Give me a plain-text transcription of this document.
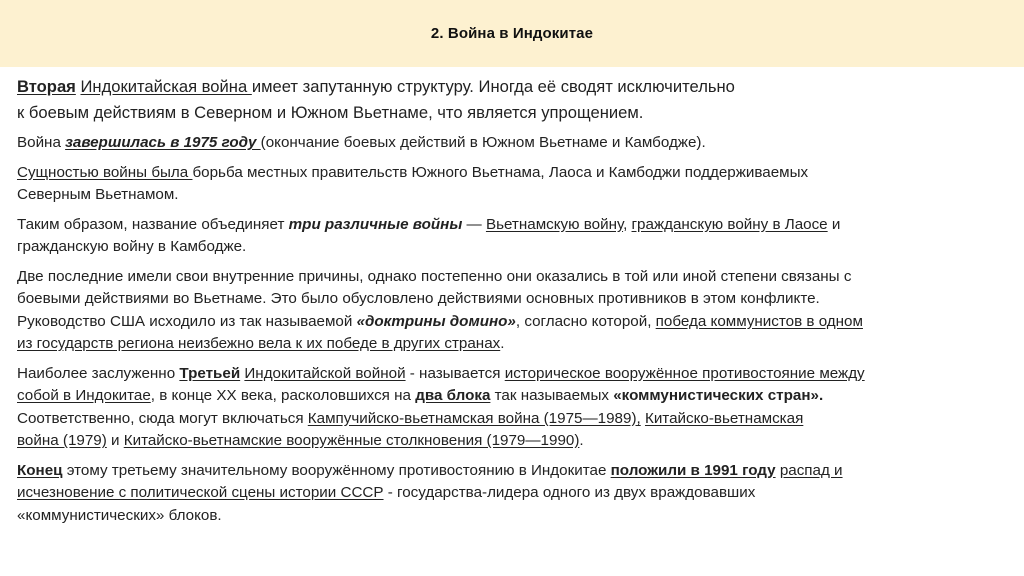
2. Война в Индокитае

Вторая Индокитайская война имеет запутанную структуру. Иногда её сводят исключительно
к боевым действиям в Северном и Южном Вьетнаме, что является упрощением.

Война завершилась в 1975 году (окончание боевых действий в Южном Вьетнаме и Камбодже).

Сущностью войны была борьба местных правительств Южного Вьетнама, Лаоса и Камбоджи поддерживаемых
Северным Вьетнамом.

Таким образом, название объединяет три различные войны — Вьетнамскую войну, гражданскую войну в Лаосе и
гражданскую войну в Камбодже.

Две последние имели свои внутренние причины, однако постепенно они оказались в той или иной степени связаны с
боевыми действиями во Вьетнаме. Это было обусловлено действиями основных противников в этом конфликте.
Руководство США исходило из так называемой «доктрины домино», согласно которой, победа коммунистов в одном
из государств региона неизбежно вела к их победе в других странах.

Наиболее заслуженно Третьей Индокитайской войной - называется историческое вооружённое противостояние между
собой в Индокитае, в конце XX века, расколовшихся на два блока так называемых «коммунистических стран».
Соответственно, сюда могут включаться Кампучийско-вьетнамская война (1975—1989), Китайско-вьетнамская
война (1979) и Китайско-вьетнамские вооружённые столкновения (1979—1990).

Конец этому третьему значительному вооружённому противостоянию в Индокитае положили в 1991 году распад и
исчезновение с политической сцены истории СССР - государства-лидера одного из двух враждовавших
«коммунистических» блоков.
